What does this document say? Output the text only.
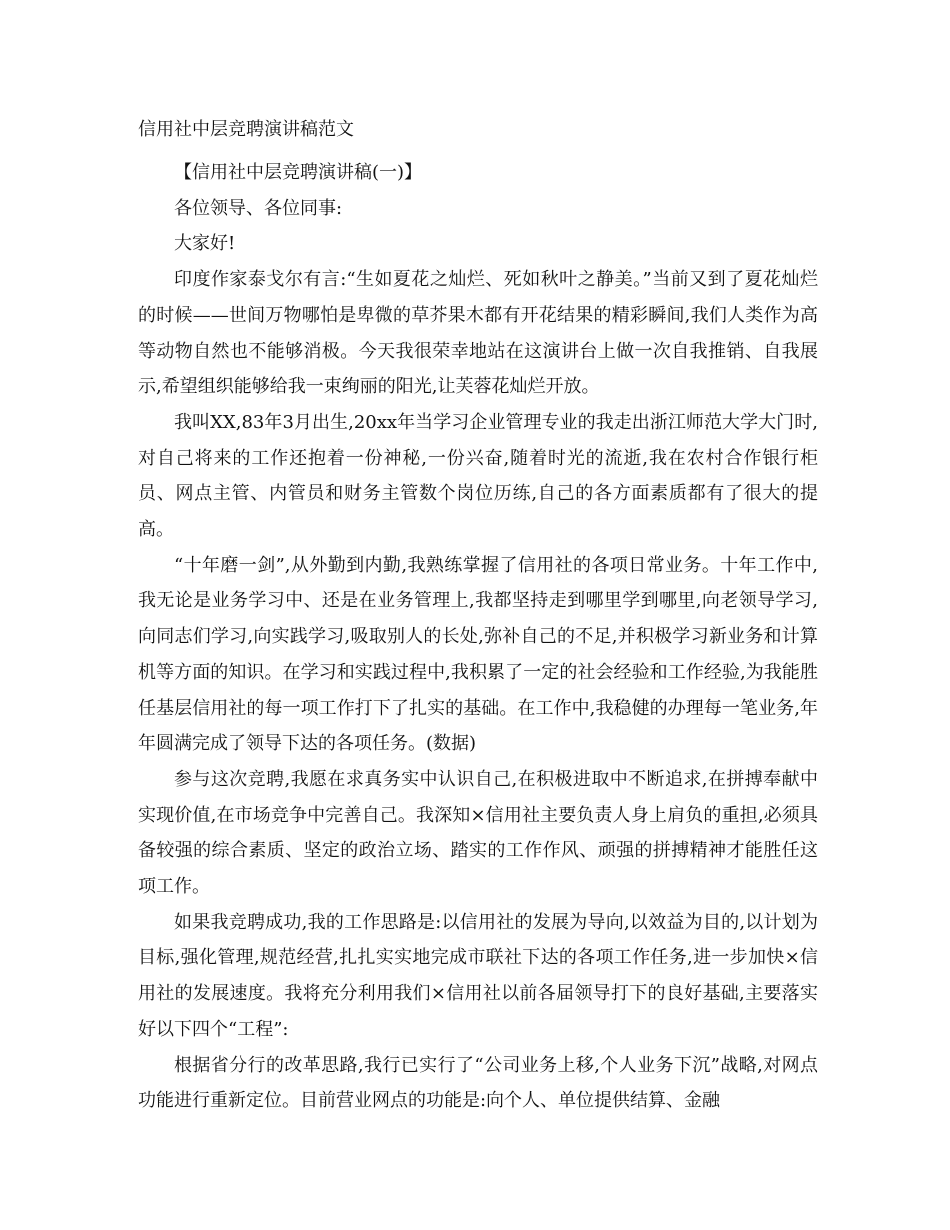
信用社中层竞聘演讲稿范文

【信用社中层竞聘演讲稿(一)】

各位领导、各位同事:

大家好!

印度作家泰戈尔有言:“生如夏花之灿烂、死如秋叶之静美。”当前又到了夏花灿烂的时候——世间万物哪怕是卑微的草芥果木都有开花结果的精彩瞬间,我们人类作为高等动物自然也不能够消极。今天我很荣幸地站在这演讲台上做一次自我推销、自我展示,希望组织能够给我一束绚丽的阳光,让芙蓉花灿烂开放。

我叫XX,83年3月出生,20xx年当学习企业管理专业的我走出浙江师范大学大门时,对自己将来的工作还抱着一份神秘,一份兴奋,随着时光的流逝,我在农村合作银行柜员、网点主管、内管员和财务主管数个岗位历练,自己的各方面素质都有了很大的提高。

“十年磨一剑”,从外勤到内勤,我熟练掌握了信用社的各项日常业务。十年工作中,我无论是业务学习中、还是在业务管理上,我都坚持走到哪里学到哪里,向老领导学习,向同志们学习,向实践学习,吸取别人的长处,弥补自己的不足,并积极学习新业务和计算机等方面的知识。在学习和实践过程中,我积累了一定的社会经验和工作经验,为我能胜任基层信用社的每一项工作打下了扎实的基础。在工作中,我稳健的办理每一笔业务,年年圆满完成了领导下达的各项任务。(数据)

参与这次竞聘,我愿在求真务实中认识自己,在积极进取中不断追求,在拼搏奉献中实现价值,在市场竞争中完善自己。我深知×信用社主要负责人身上肩负的重担,必须具备较强的综合素质、坚定的政治立场、踏实的工作作风、顽强的拼搏精神才能胜任这项工作。

如果我竞聘成功,我的工作思路是:以信用社的发展为导向,以效益为目的,以计划为目标,强化管理,规范经营,扎扎实实地完成市联社下达的各项工作任务,进一步加快×信用社的发展速度。我将充分利用我们×信用社以前各届领导打下的良好基础,主要落实好以下四个“工程”:

根据省分行的改革思路,我行已实行了“公司业务上移,个人业务下沉”战略,对网点功能进行重新定位。目前营业网点的功能是:向个人、单位提供结算、金融
